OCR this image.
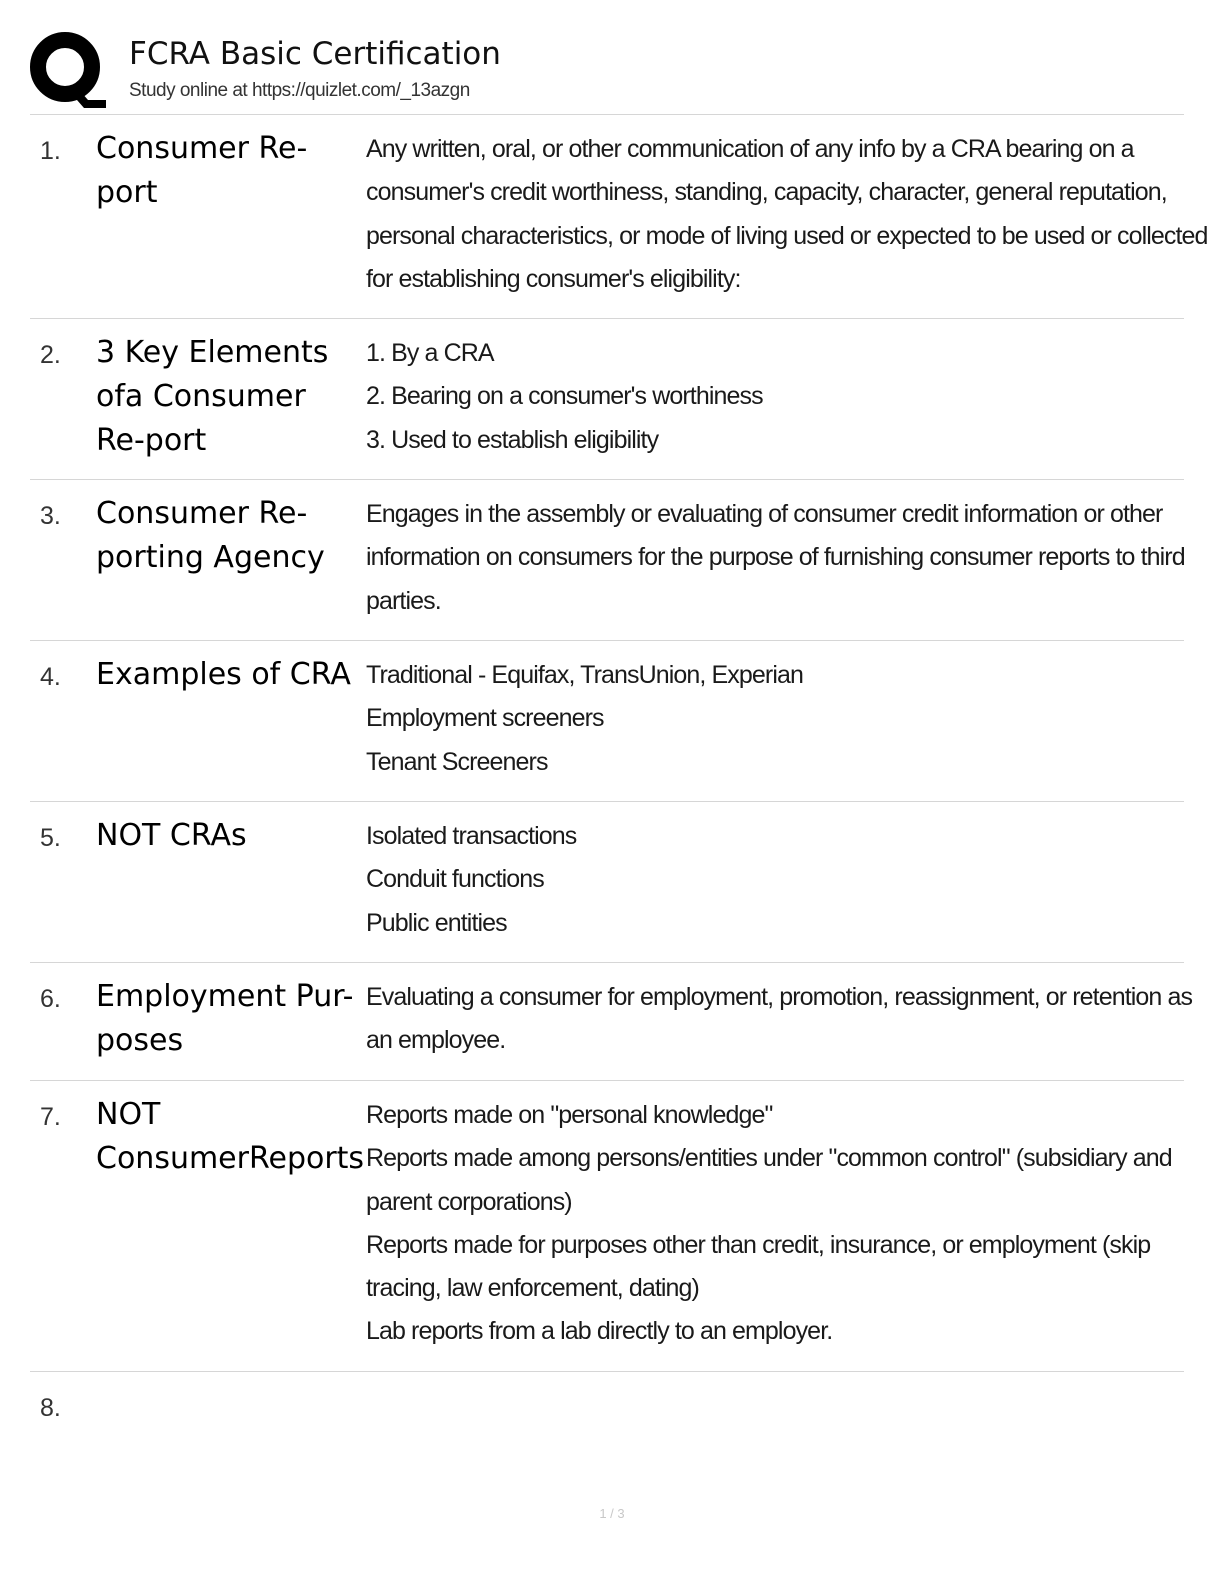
FCRA Basic Certification
Study online at https://quizlet.com/_13azgn
1. Consumer Re-port
Any written, oral, or other communication of any info by a CRA bearing on a
consumer's credit worthiness, standing, capacity, character, general reputation,
personal characteristics, or mode of living used or expected to be used or collected
for establishing consumer's eligibility:
2. 3 Key Elements ofa Consumer Re-port
1. By a CRA
2. Bearing on a consumer's worthiness
3. Used to establish eligibility
3. Consumer Re-porting Agency
Engages in the assembly or evaluating of consumer credit information or other
information on consumers for the purpose of furnishing consumer reports to third
parties.
4. Examples of CRA Traditional - Equifax, TransUnion, Experian
Employment screeners
Tenant Screeners
5. NOT CRAs	Isolated transactions
Conduit functions
Public entities
6. Employment Pur-poses
Evaluating a consumer for employment, promotion, reassignment, or retention as
an employee.
7. NOT ConsumerReports
Reports made on "personal knowledge"
Reports made among persons/entities under "common control" (subsidiary and
parent corporations)
Reports made for purposes other than credit, insurance, or employment (skip
tracing, law enforcement, dating)
Lab reports from a lab directly to an employer.
8.
1 / 3
